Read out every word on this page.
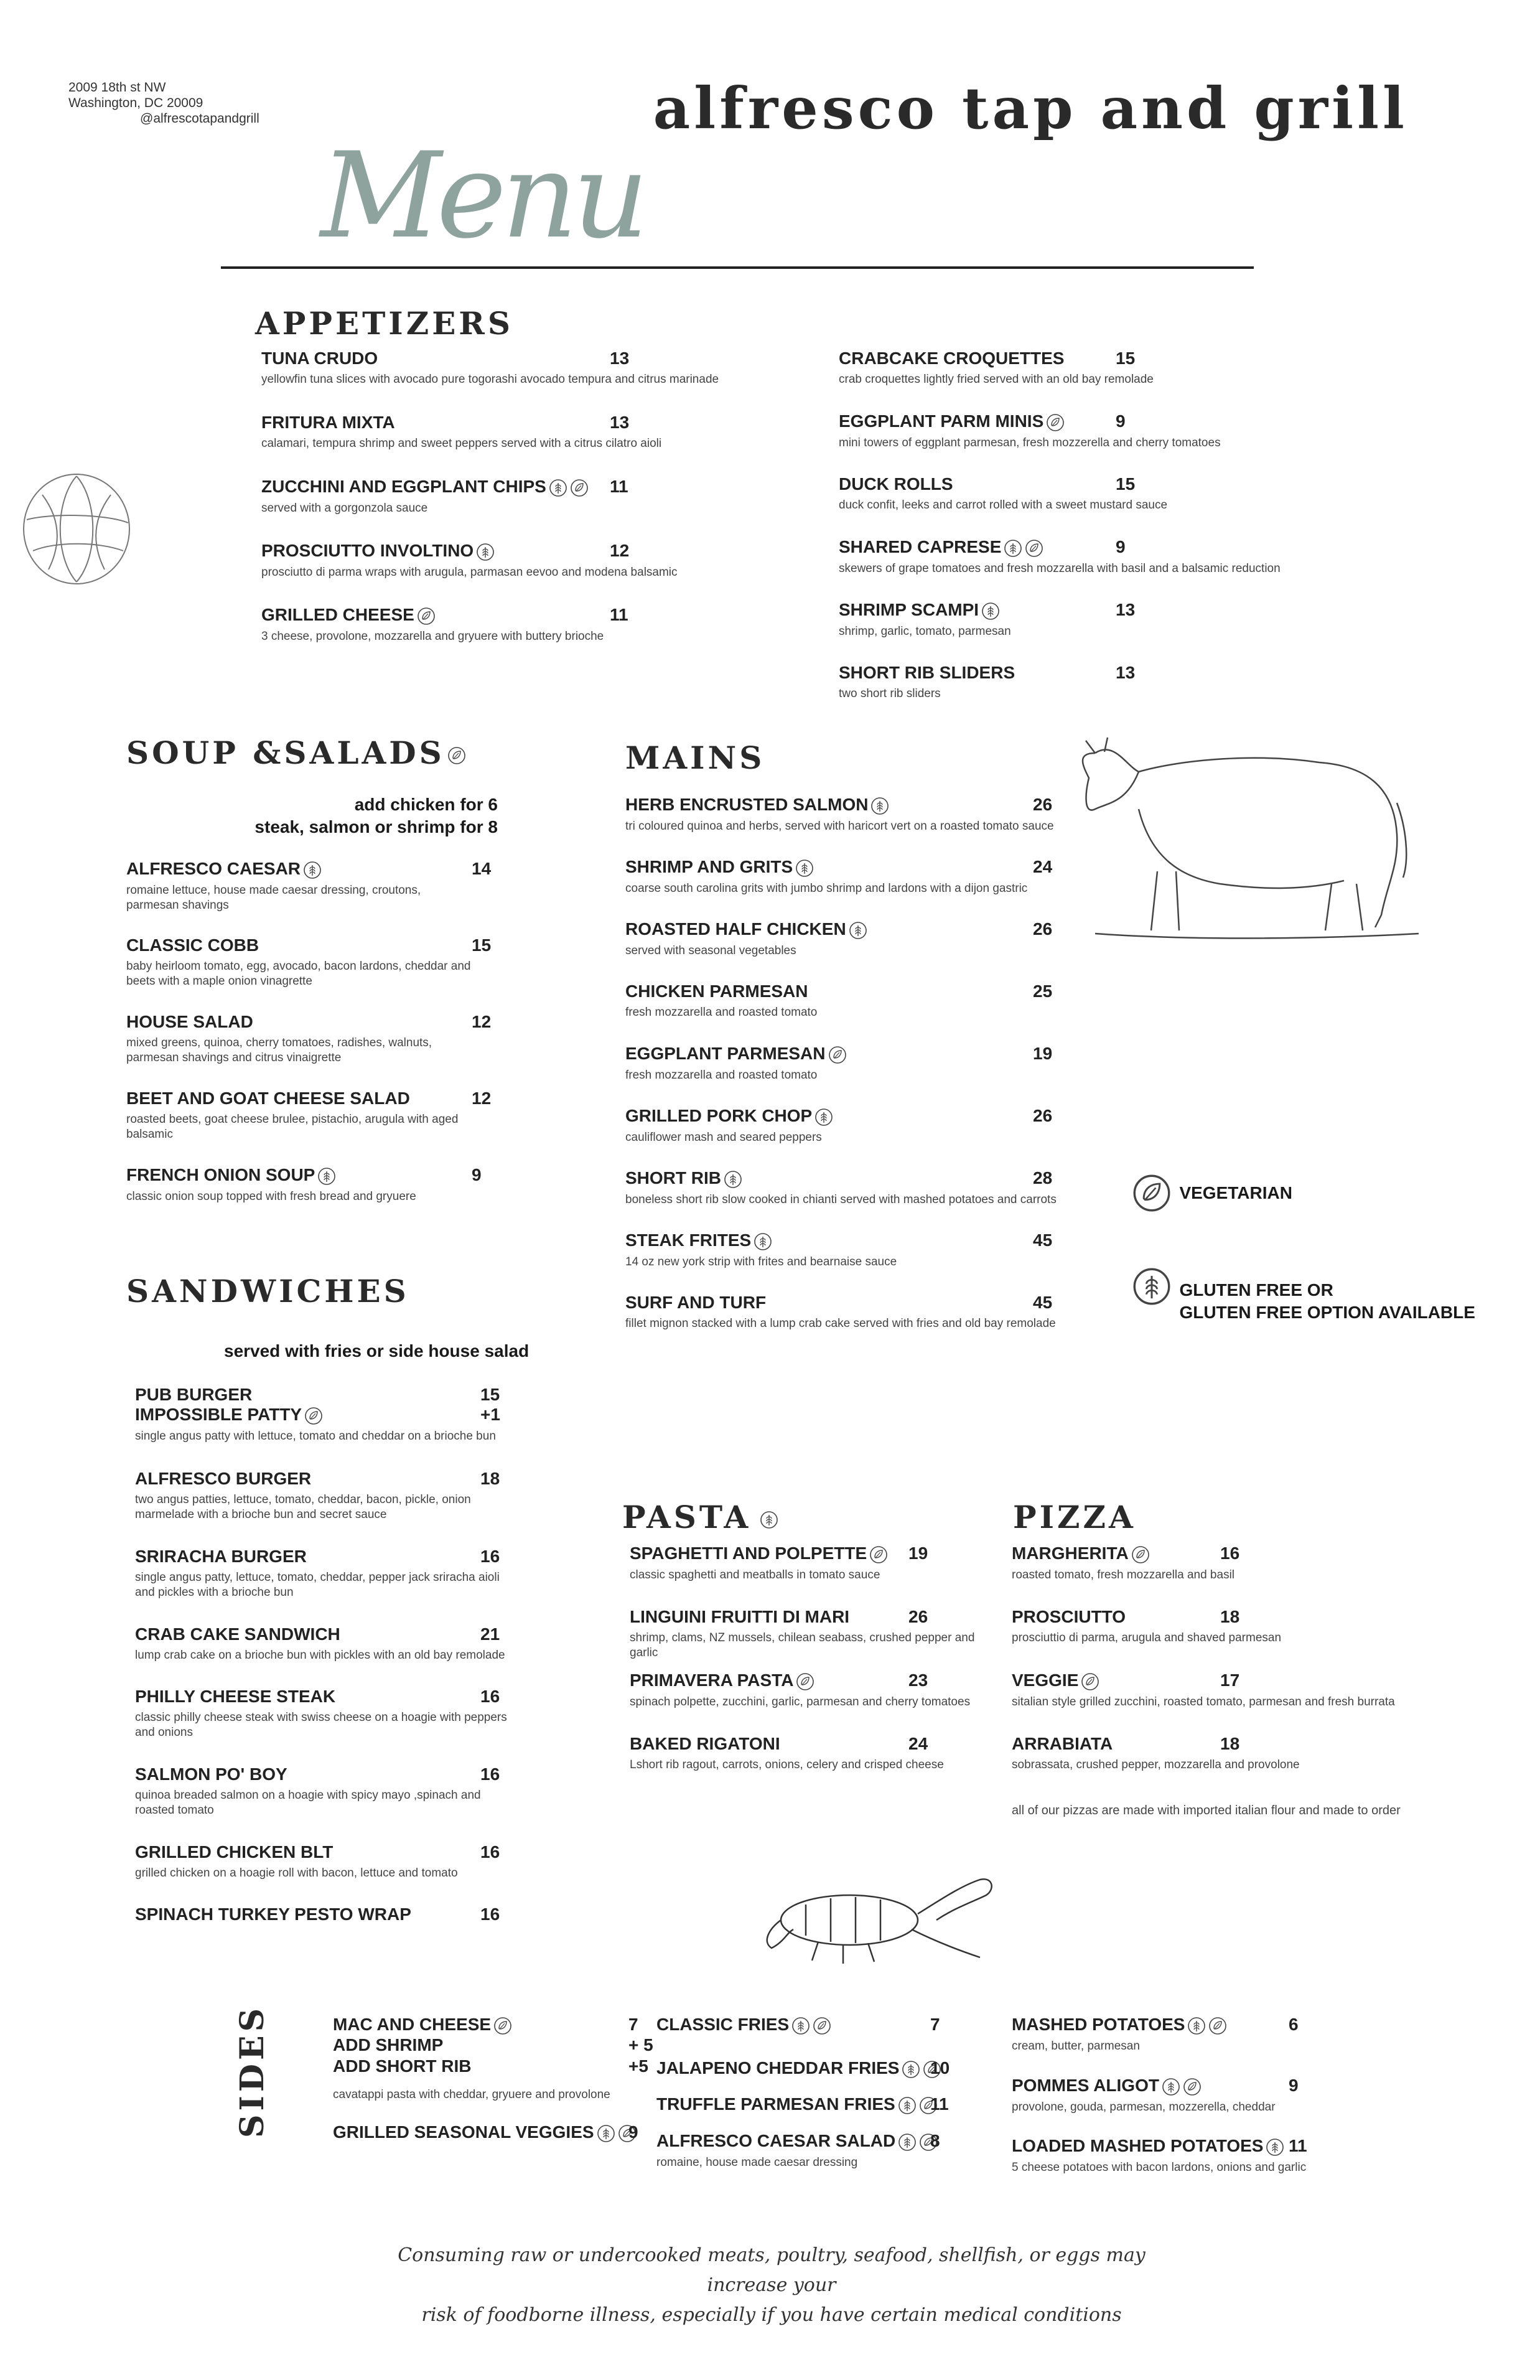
2009 18th st NW
Washington, DC 20009
@alfrescotapandgrill	alfresco tap and grill
Menu
APPETIZERS
TUNA CRUDO	13
yellowfin tuna slices with avocado pure togorashi avocado tempura and citrus marinade
FRITURA MIXTA	13
calamari, tempura shrimp and sweet peppers served with a citrus cilatro aioli
ZUCCHINI AND EGGPLANT CHIPS	11
served with a gorgonzola sauce
PROSCIUTTO INVOLTINO	12
prosciutto di parma wraps with arugula, parmasan eevoo and modena balsamic
GRILLED CHEESE	11
3 cheese, provolone, mozzarella and gryuere with buttery brioche
CRABCAKE CROQUETTES	15
crab croquettes lightly fried served with an old bay remolade
EGGPLANT PARM MINIS	9
mini towers of eggplant parmesan, fresh mozzerella and cherry tomatoes
DUCK ROLLS	15
duck confit, leeks and carrot rolled with a sweet mustard sauce
SHARED CAPRESE	9
skewers of grape tomatoes and fresh mozzarella with basil and a balsamic reduction
SHRIMP SCAMPI	13
shrimp, garlic, tomato, parmesan
SHORT RIB SLIDERS	13
two short rib sliders
SOUP &SALADS
add chicken for 6
steak, salmon or shrimp for 8
ALFRESCO CAESAR	14
romaine lettuce, house made caesar dressing, croutons, parmesan shavings
CLASSIC COBB	15
baby heirloom tomato, egg, avocado, bacon lardons, cheddar and beets with a maple onion vinagrette
HOUSE SALAD	12
mixed greens, quinoa, cherry tomatoes, radishes, walnuts, parmesan shavings and citrus vinaigrette
BEET AND GOAT CHEESE SALAD	12
roasted beets, goat cheese brulee, pistachio, arugula with aged balsamic
FRENCH ONION SOUP	9
classic onion soup topped with fresh bread and gryuere
MAINS
HERB ENCRUSTED SALMON	26
tri coloured quinoa and herbs, served with haricort vert on a roasted tomato sauce
SHRIMP AND GRITS	24
coarse south carolina grits with jumbo shrimp and lardons with a dijon gastric
ROASTED HALF CHICKEN	26
served with seasonal vegetables
CHICKEN PARMESAN	25
fresh mozzarella and roasted tomato
EGGPLANT PARMESAN	19
fresh mozzarella and roasted tomato
GRILLED PORK CHOP	26
cauliflower mash and seared peppers
SHORT RIB	28
boneless short rib slow cooked in chianti served with mashed potatoes and carrots
STEAK FRITES	45
14 oz new york strip with frites and bearnaise sauce
SURF AND TURF	45
fillet mignon stacked with a lump crab cake served with fries and old bay remolade
VEGETARIAN

GLUTEN FREE OR
GLUTEN FREE OPTION AVAILABLE
SANDWICHES
served with fries or side house salad
PUB BURGER	15
IMPOSSIBLE PATTY	+1
single angus patty with lettuce, tomato and cheddar on a brioche bun
ALFRESCO BURGER	18
two angus patties, lettuce, tomato, cheddar, bacon, pickle, onion marmelade with a brioche bun and secret sauce
SRIRACHA BURGER	16
single angus patty, lettuce, tomato, cheddar, pepper jack sriracha aioli and pickles with a brioche bun
CRAB CAKE SANDWICH	21
lump crab cake on a brioche bun with pickles with an old bay remolade
PHILLY CHEESE STEAK	16
classic philly cheese steak with swiss cheese on a hoagie with peppers and onions
SALMON PO' BOY	16
quinoa breaded salmon on a hoagie with spicy mayo ,spinach and roasted tomato
GRILLED CHICKEN BLT	16
grilled chicken on a hoagie roll with bacon, lettuce and tomato
SPINACH TURKEY PESTO WRAP	16
PASTA
SPAGHETTI AND POLPETTE	19
classic spaghetti and meatballs in tomato sauce
LINGUINI FRUITTI DI MARI	26
shrimp, clams, NZ mussels, chilean seabass, crushed pepper and garlic
PRIMAVERA PASTA	23
spinach polpette, zucchini, garlic, parmesan and cherry tomatoes
BAKED RIGATONI	24
Lshort rib ragout, carrots, onions, celery and crisped cheese
PIZZA
MARGHERITA	16
roasted tomato, fresh mozzarella and basil
PROSCIUTTO	18
prosciuttio di parma, arugula and shaved parmesan
VEGGIE	17
sitalian style grilled zucchini, roasted tomato, parmesan and fresh burrata
ARRABIATA	18
sobrassata, crushed pepper, mozzarella and provolone
all of our pizzas are made with imported italian flour and made to order
SIDES	MAC AND CHEESE	7
ADD SHRIMP	+ 5
ADD SHORT RIB	+5
cavatappi pasta with cheddar, gryuere and provolone
GRILLED SEASONAL VEGGIES	9
CLASSIC FRIES	7
JALAPENO CHEDDAR FRIES	10
TRUFFLE PARMESAN FRIES	11
ALFRESCO CAESAR SALAD	8
romaine, house made caesar dressing
MASHED POTATOES	6
cream, butter, parmesan
POMMES ALIGOT	9
provolone, gouda, parmesan, mozzerella, cheddar
LOADED MASHED POTATOES	11
5 cheese potatoes with bacon lardons, onions and garlic
Consuming raw or undercooked meats, poultry, seafood, shellfish, or eggs may increase your
risk of foodborne illness, especially if you have certain medical conditions
